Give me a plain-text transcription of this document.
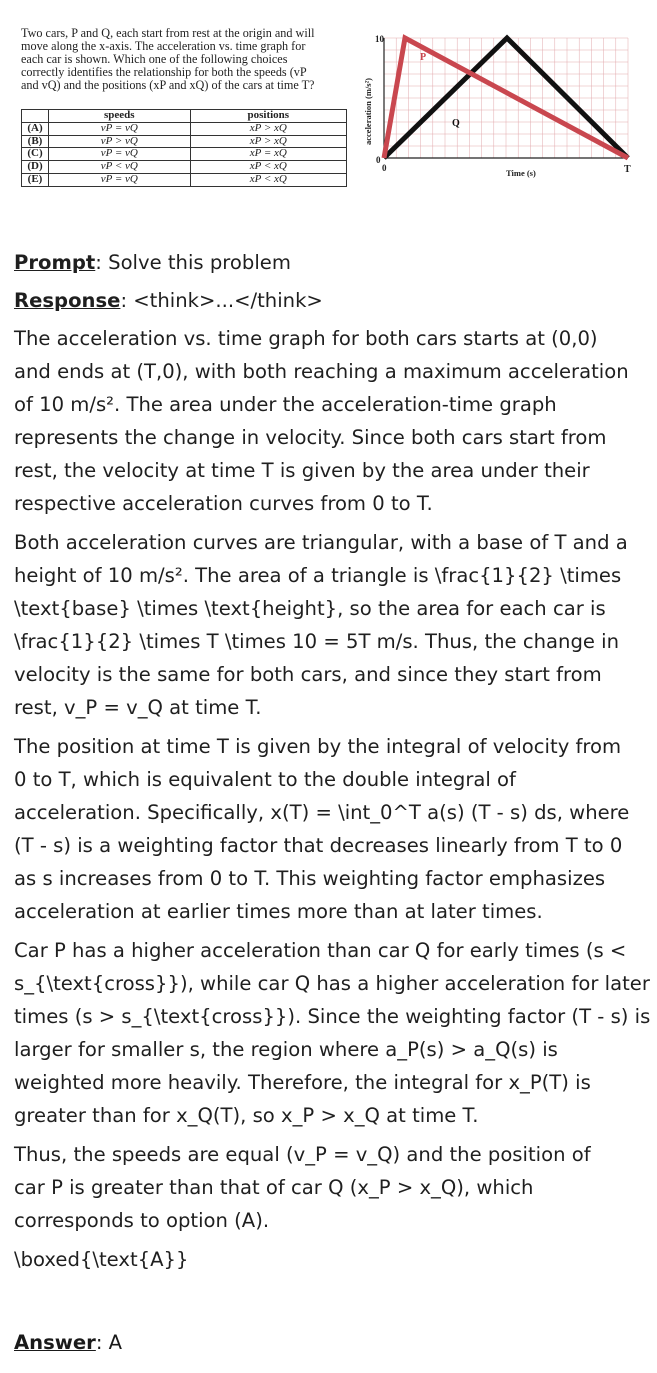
Two cars, P and Q, each start from rest at the origin and will

move along the x-axis. The acceleration vs. time graph for

each car is shown. Which one of the following choices

correctly identifies the relationship for both the speeds (vP

and vQ) and the positions (xP and xQ) of the cars at time T?

	speeds	positions
(A)	vP = vQ	xP > xQ
(B)	vP > vQ	xP > xQ
(C)	vP = vQ	xP = xQ
(D)	vP < vQ	xP < xQ
(E)	vP = vQ	xP < xQ
10
0
0	T
Time (s)
acceleration (m/s²)
P
Q

Prompt: Solve this problem

Response: <think>...</think>

The acceleration vs. time graph for both cars starts at (0,0)

and ends at (T,0), with both reaching a maximum acceleration

of 10 m/s². The area under the acceleration-time graph

represents the change in velocity. Since both cars start from

rest, the velocity at time T is given by the area under their

respective acceleration curves from 0 to T.

Both acceleration curves are triangular, with a base of T and a

height of 10 m/s². The area of a triangle is \frac{1}{2} \times

\text{base} \times \text{height}, so the area for each car is

\frac{1}{2} \times T \times 10 = 5T m/s. Thus, the change in

velocity is the same for both cars, and since they start from

rest, v_P = v_Q at time T.

The position at time T is given by the integral of velocity from

0 to T, which is equivalent to the double integral of

acceleration. Specifically, x(T) = \int_0^T a(s) (T - s) ds, where

(T - s) is a weighting factor that decreases linearly from T to 0

as s increases from 0 to T. This weighting factor emphasizes

acceleration at earlier times more than at later times.

Car P has a higher acceleration than car Q for early times (s <

s_{\text{cross}}), while car Q has a higher acceleration for later

times (s > s_{\text{cross}}). Since the weighting factor (T - s) is

larger for smaller s, the region where a_P(s) > a_Q(s) is

weighted more heavily. Therefore, the integral for x_P(T) is

greater than for x_Q(T), so x_P > x_Q at time T.

Thus, the speeds are equal (v_P = v_Q) and the position of

car P is greater than that of car Q (x_P > x_Q), which

corresponds to option (A).

\boxed{\text{A}}

Answer: A
